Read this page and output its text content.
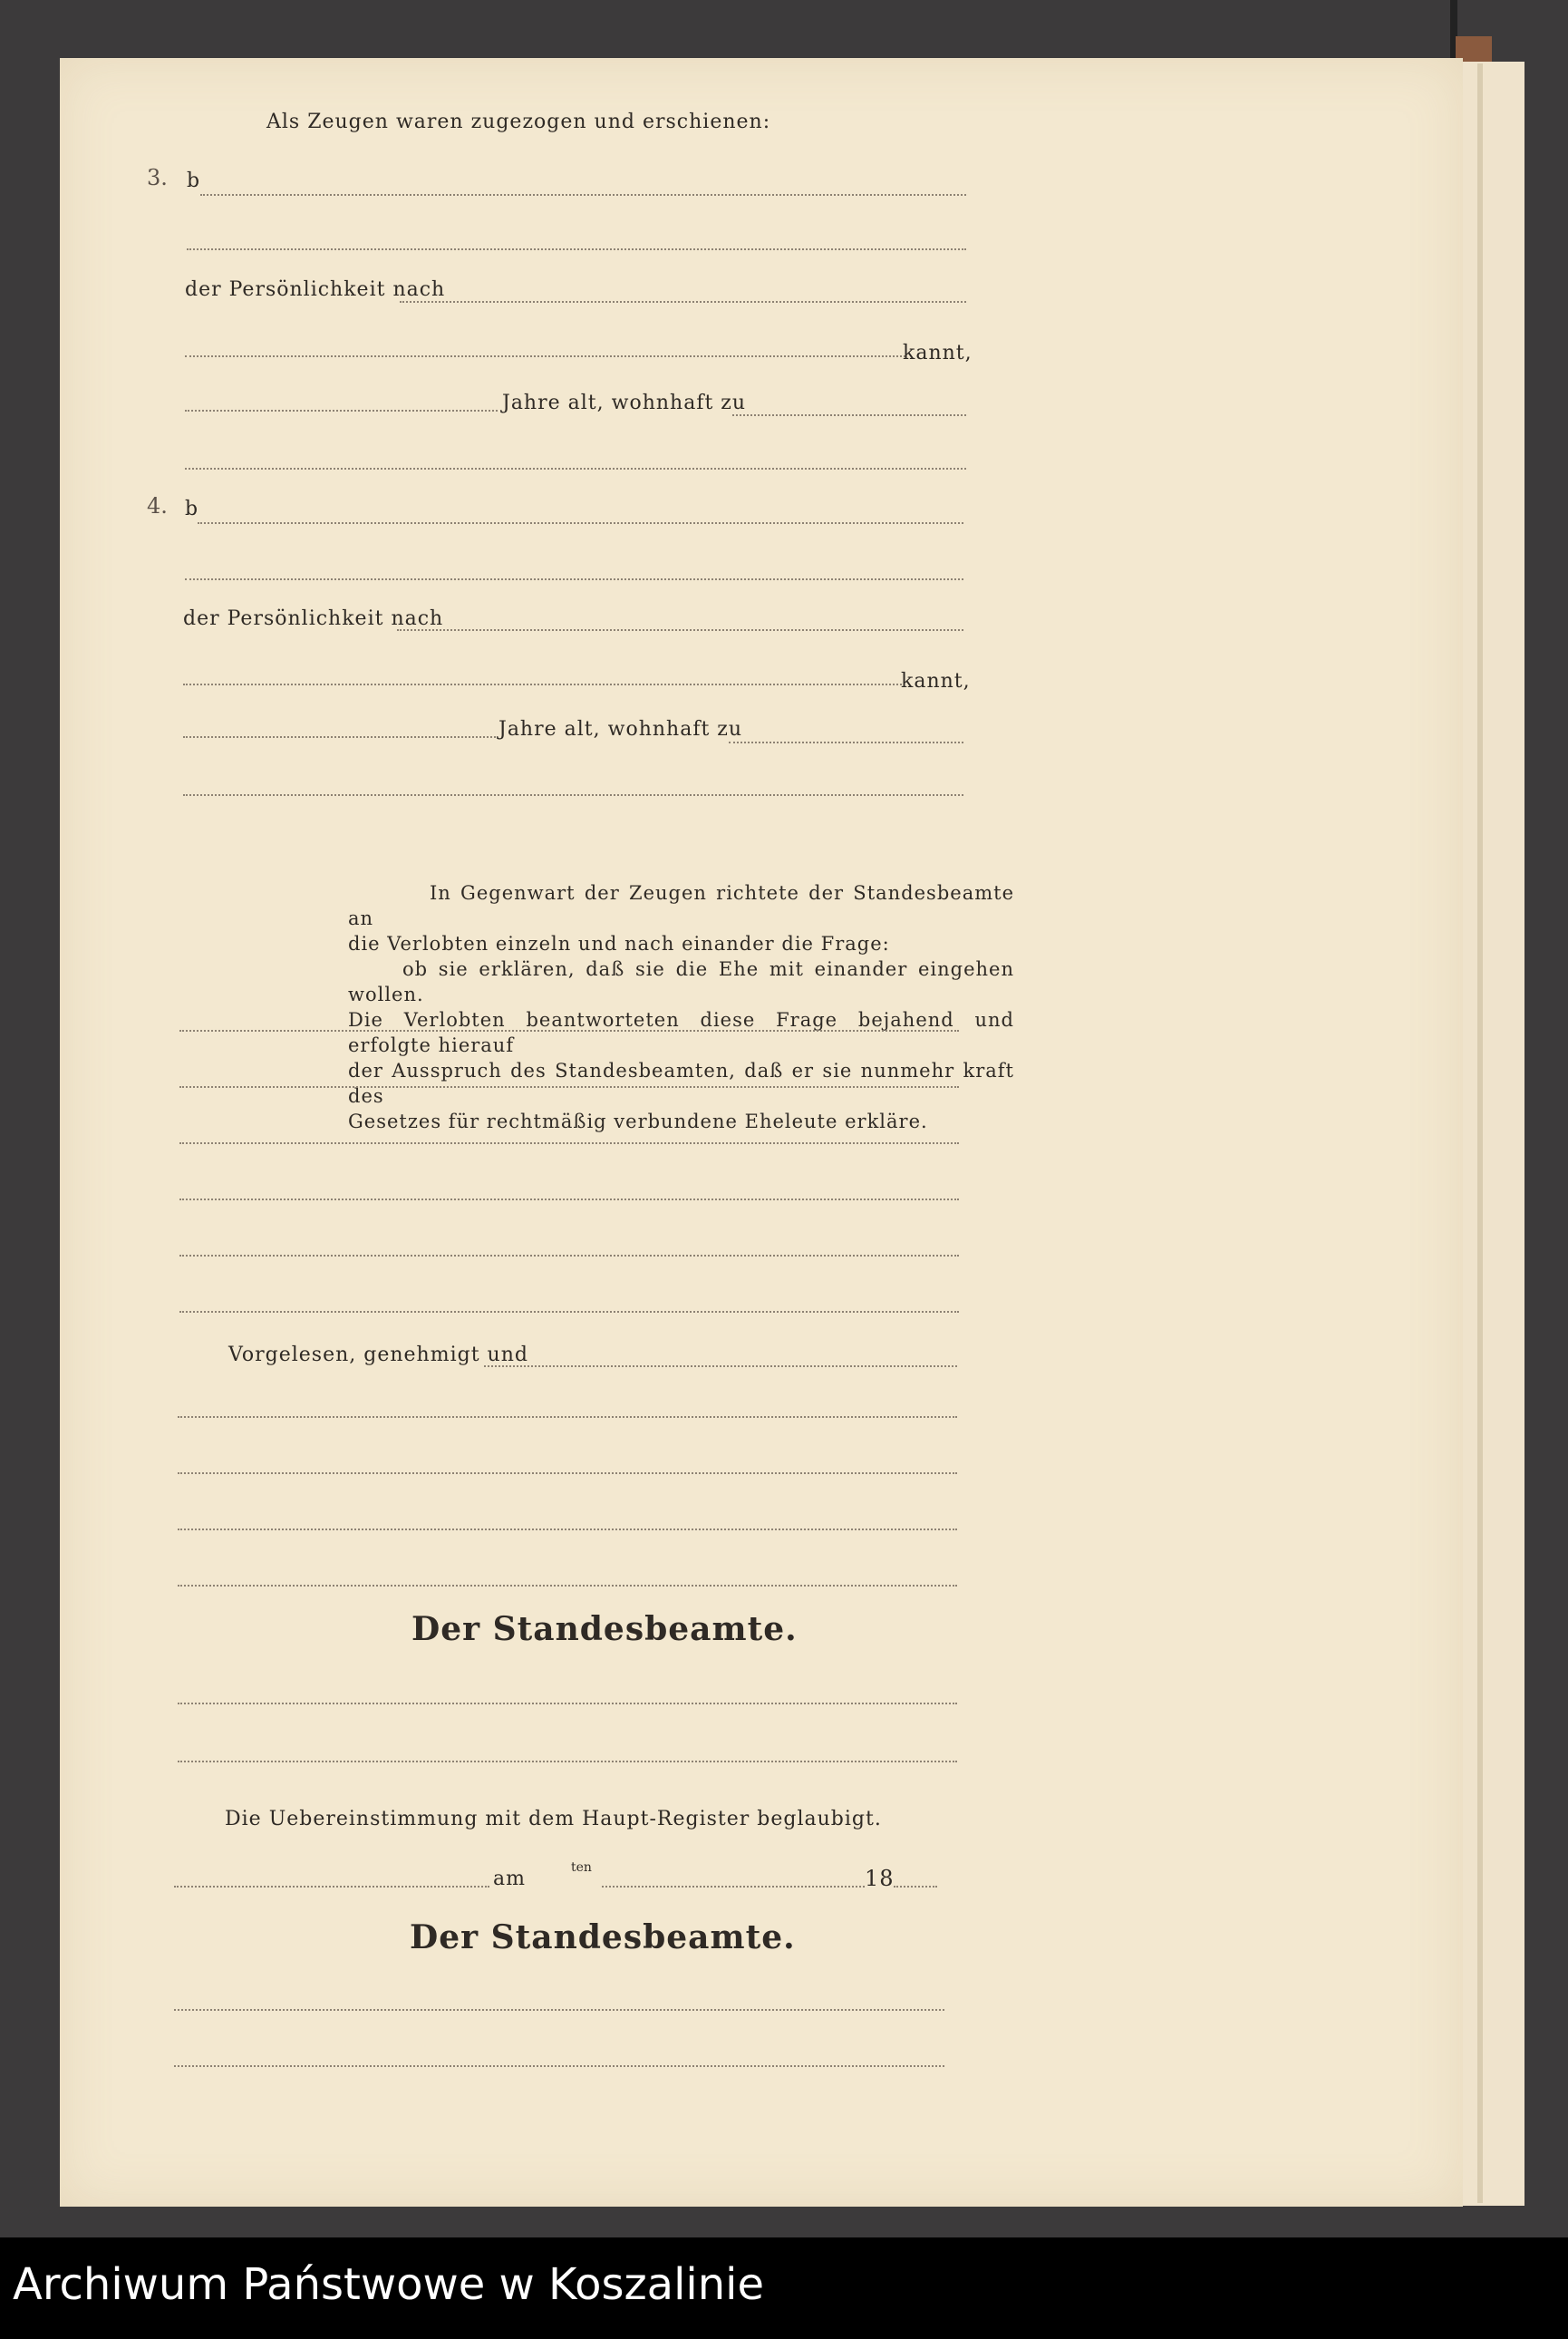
Als Zeugen waren zugezogen und erschienen:
3. b
der Persönlichkeit nach
kannt,
Jahre alt, wohnhaft zu
4. b
der Persönlichkeit nach
kannt,
Jahre alt, wohnhaft zu
In Gegenwart der Zeugen richtete der Standesbeamte an
die Verlobten einzeln und nach einander die Frage:
ob sie erklären, daß sie die Ehe mit einander eingehen wollen.
Die Verlobten beantworteten diese Frage bejahend und erfolgte hierauf
der Ausspruch des Standesbeamten, daß er sie nunmehr kraft des
Gesetzes für rechtmäßig verbundene Eheleute erkläre.
Vorgelesen, genehmigt und
Der Standesbeamte.
Die Uebereinstimmung mit dem Haupt-Register beglaubigt.
am	ten	18
Der Standesbeamte.
Archiwum Państwowe w Koszalinie
